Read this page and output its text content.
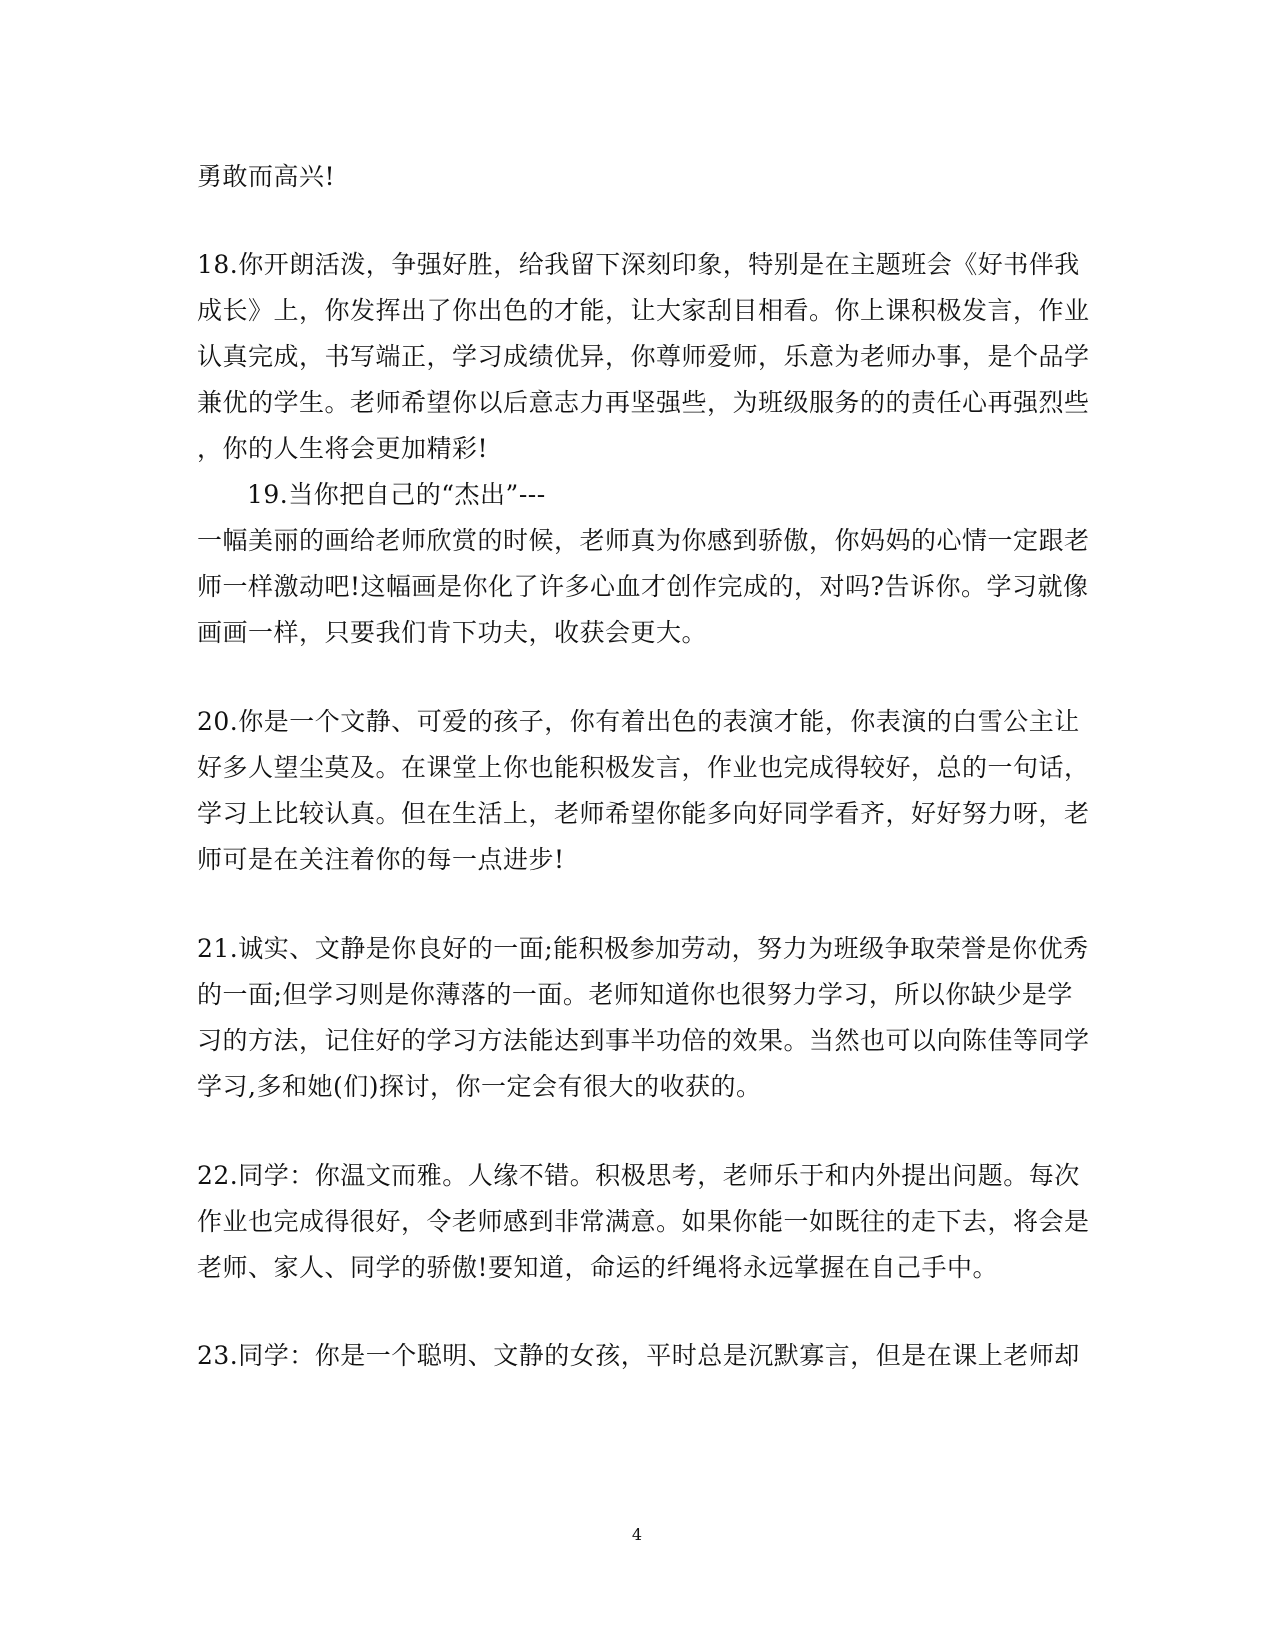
勇敢而高兴!
18.你开朗活泼，争强好胜，给我留下深刻印象，特别是在主题班会《好书伴我
成长》上，你发挥出了你出色的才能，让大家刮目相看。你上课积极发言，作业
认真完成，书写端正，学习成绩优异，你尊师爱师，乐意为老师办事，是个品学
兼优的学生。老师希望你以后意志力再坚强些，为班级服务的的责任心再强烈些
，你的人生将会更加精彩!
19.当你把自己的“杰出”---
一幅美丽的画给老师欣赏的时候，老师真为你感到骄傲，你妈妈的心情一定跟老
师一样激动吧!这幅画是你化了许多心血才创作完成的，对吗?告诉你。学习就像
画画一样，只要我们肯下功夫，收获会更大。
20.你是一个文静、可爱的孩子，你有着出色的表演才能，你表演的白雪公主让
好多人望尘莫及。在课堂上你也能积极发言，作业也完成得较好，总的一句话，
学习上比较认真。但在生活上，老师希望你能多向好同学看齐，好好努力呀，老
师可是在关注着你的每一点进步!
21.诚实、文静是你良好的一面;能积极参加劳动，努力为班级争取荣誉是你优秀
的一面;但学习则是你薄落的一面。老师知道你也很努力学习，所以你缺少是学
习的方法，记住好的学习方法能达到事半功倍的效果。当然也可以向陈佳等同学
学习,多和她(们)探讨，你一定会有很大的收获的。
22.同学：你温文而雅。人缘不错。积极思考，老师乐于和内外提出问题。每次
作业也完成得很好，令老师感到非常满意。如果你能一如既往的走下去，将会是
老师、家人、同学的骄傲!要知道，命运的纤绳将永远掌握在自己手中。
23.同学：你是一个聪明、文静的女孩，平时总是沉默寡言，但是在课上老师却
4
